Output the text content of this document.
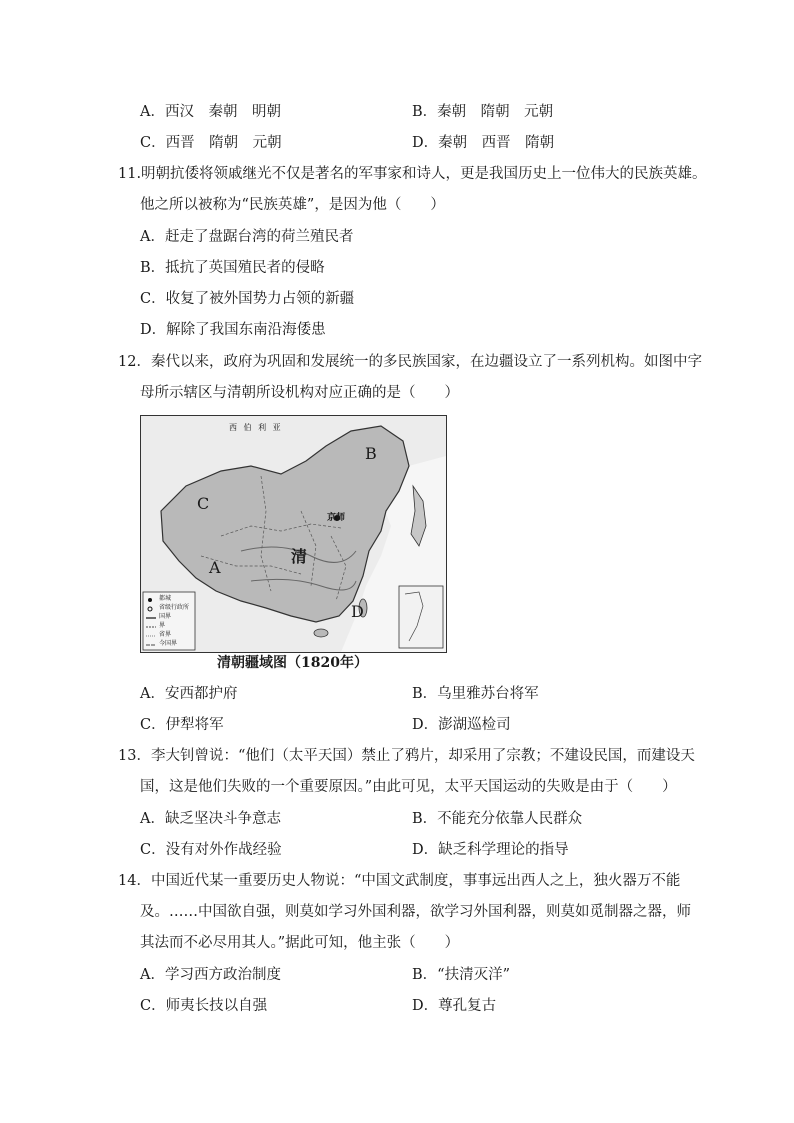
A．西汉　秦朝　明朝	B．秦朝　隋朝　元朝
C．西晋　隋朝　元朝	D．秦朝　西晋　隋朝
11.明朝抗倭将领戚继光不仅是著名的军事家和诗人，更是我国历史上一位伟大的民族英雄。
他之所以被称为“民族英雄”，是因为他（　　）
A．赶走了盘踞台湾的荷兰殖民者
B．抵抗了英国殖民者的侵略
C．收复了被外国势力占领的新疆
D．解除了我国东南沿海倭患
12．秦代以来，政府为巩固和发展统一的多民族国家，在边疆设立了一系列机构。如图中字
母所示辖区与清朝所设机构对应正确的是（　　）
西 伯 利 亚
京师
清
B
C
A
D
都城
省级行政所
国界
界
省界
今国界
清朝疆域图（1820年）
A．安西都护府	B．乌里雅苏台将军
C．伊犁将军	D．澎湖巡检司
13．李大钊曾说：“他们（太平天国）禁止了鸦片，却采用了宗教；不建设民国，而建设天
国，这是他们失败的一个重要原因。”由此可见，太平天国运动的失败是由于（　　）
A．缺乏坚决斗争意志	B．不能充分依靠人民群众
C．没有对外作战经验	D．缺乏科学理论的指导
14．中国近代某一重要历史人物说：“中国文武制度，事事远出西人之上，独火器万不能
及。……中国欲自强，则莫如学习外国利器，欲学习外国利器，则莫如觅制器之器，师
其法而不必尽用其人。”据此可知，他主张（　　）
A．学习西方政治制度	B．“扶清灭洋”
C．师夷长技以自强	D．尊孔复古
